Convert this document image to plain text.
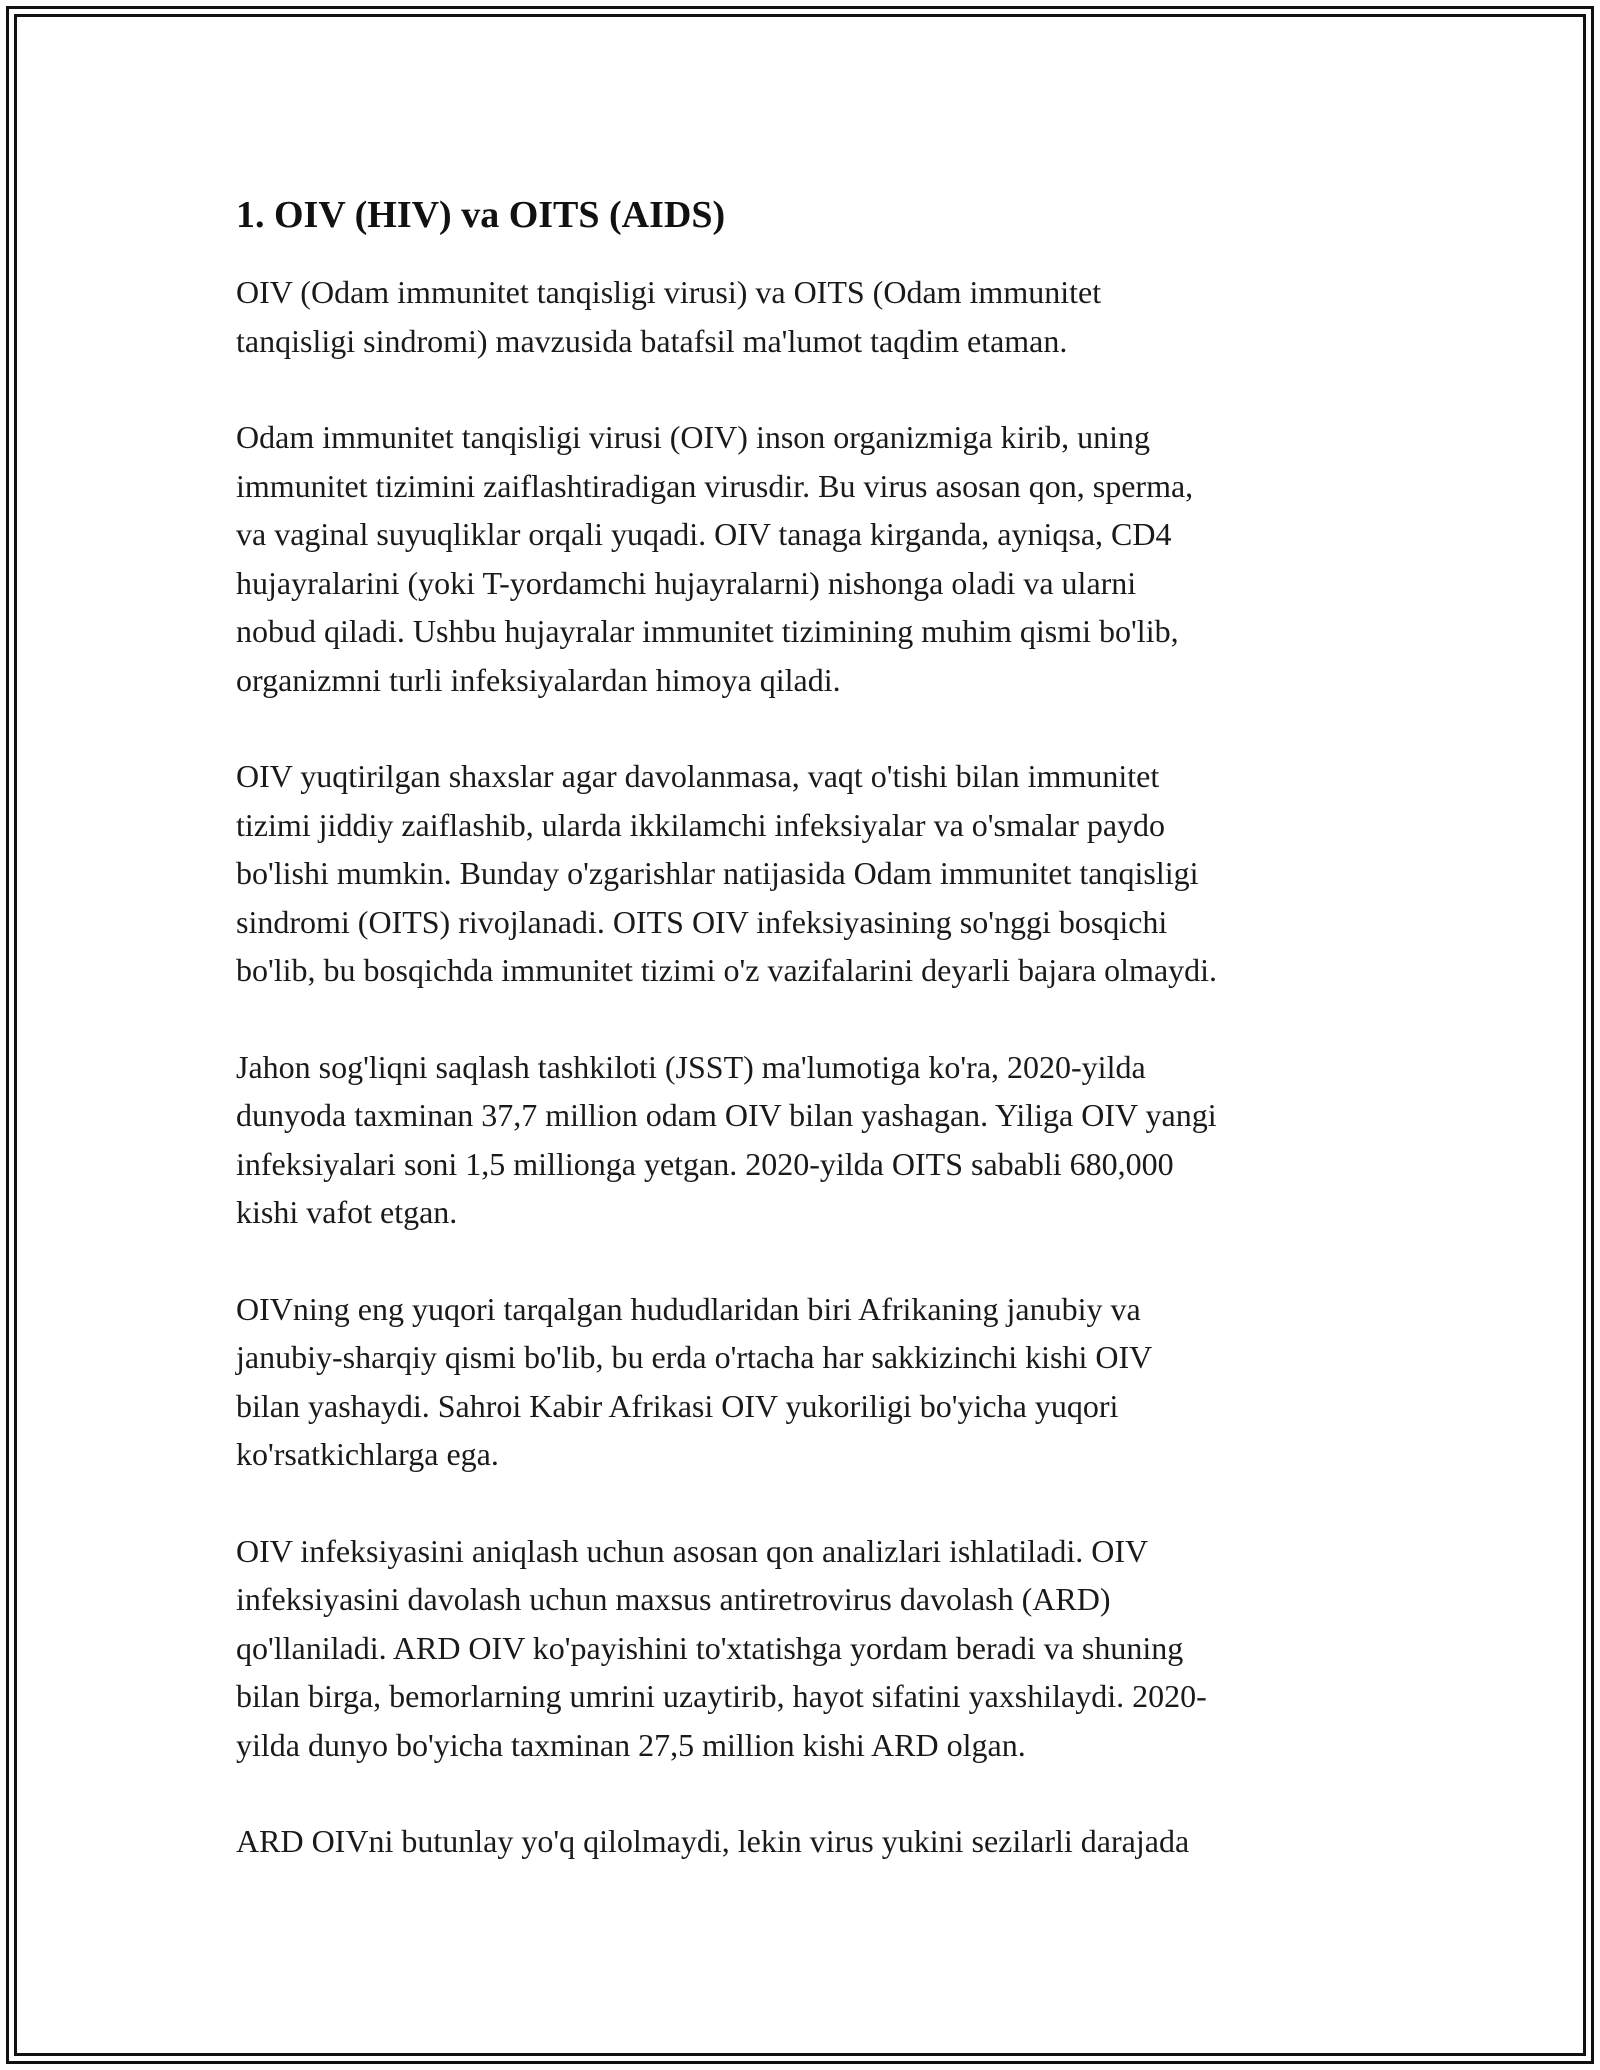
1. OIV (HIV) va OITS (AIDS)

OIV (Odam immunitet tanqisligi virusi) va OITS (Odam immunitet
tanqisligi sindromi) mavzusida batafsil ma'lumot taqdim etaman.

Odam immunitet tanqisligi virusi (OIV) inson organizmiga kirib, uning
immunitet tizimini zaiflashtiradigan virusdir. Bu virus asosan qon, sperma,
va vaginal suyuqliklar orqali yuqadi. OIV tanaga kirganda, ayniqsa, CD4
hujayralarini (yoki T-yordamchi hujayralarni) nishonga oladi va ularni
nobud qiladi. Ushbu hujayralar immunitet tizimining muhim qismi bo'lib,
organizmni turli infeksiyalardan himoya qiladi.

OIV yuqtirilgan shaxslar agar davolanmasa, vaqt o'tishi bilan immunitet
tizimi jiddiy zaiflashib, ularda ikkilamchi infeksiyalar va o'smalar paydo
bo'lishi mumkin. Bunday o'zgarishlar natijasida Odam immunitet tanqisligi
sindromi (OITS) rivojlanadi. OITS OIV infeksiyasining so'nggi bosqichi
bo'lib, bu bosqichda immunitet tizimi o'z vazifalarini deyarli bajara olmaydi.

Jahon sog'liqni saqlash tashkiloti (JSST) ma'lumotiga ko'ra, 2020-yilda
dunyoda taxminan 37,7 million odam OIV bilan yashagan. Yiliga OIV yangi
infeksiyalari soni 1,5 millionga yetgan. 2020-yilda OITS sababli 680,000
kishi vafot etgan.

OIVning eng yuqori tarqalgan hududlaridan biri Afrikaning janubiy va
janubiy-sharqiy qismi bo'lib, bu erda o'rtacha har sakkizinchi kishi OIV
bilan yashaydi. Sahroi Kabir Afrikasi OIV yukoriligi bo'yicha yuqori
ko'rsatkichlarga ega.

OIV infeksiyasini aniqlash uchun asosan qon analizlari ishlatiladi. OIV
infeksiyasini davolash uchun maxsus antiretrovirus davolash (ARD)
qo'llaniladi. ARD OIV ko'payishini to'xtatishga yordam beradi va shuning
bilan birga, bemorlarning umrini uzaytirib, hayot sifatini yaxshilaydi. 2020-
yilda dunyo bo'yicha taxminan 27,5 million kishi ARD olgan.

ARD OIVni butunlay yo'q qilolmaydi, lekin virus yukini sezilarli darajada
